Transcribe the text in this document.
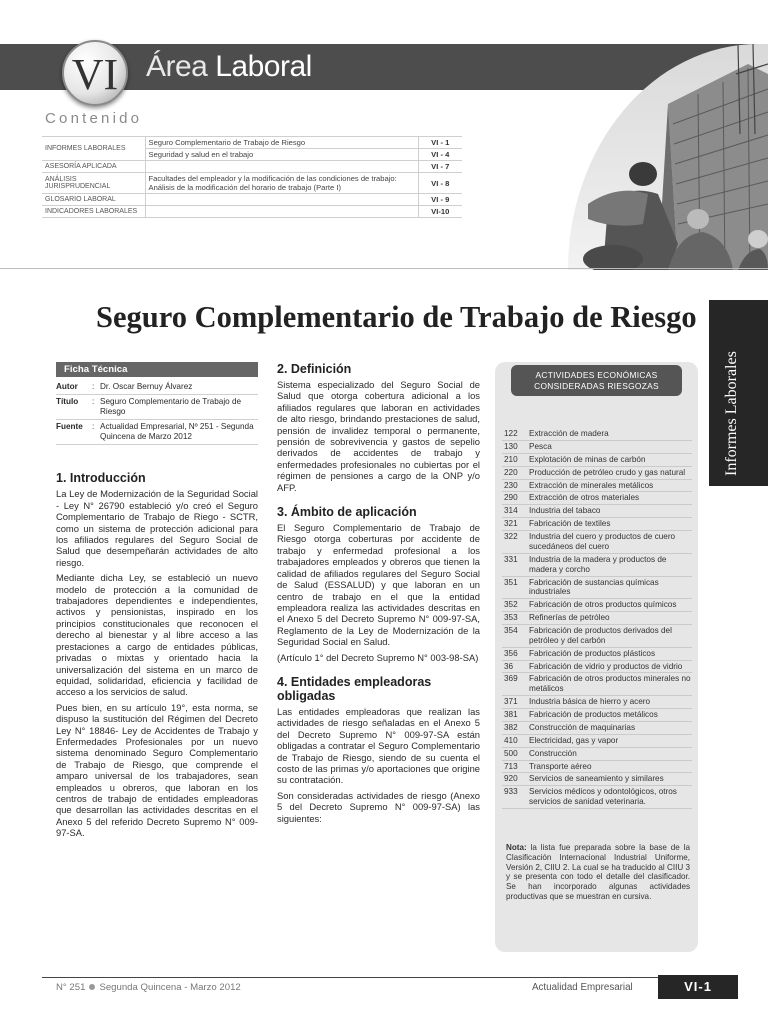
VI Área Laboral
Contenido
INFORMES LABORALES	Seguro Complementario de Trabajo de Riesgo	VI - 1
	Seguridad y salud en el trabajo	VI - 4
ASESORÍA APLICADA		VI - 7
ANÁLISIS JURISPRUDENCIAL	Facultades del empleador y la modificación de las condiciones de trabajo: Análisis de la modificación del horario de trabajo (Parte I)	VI - 8
GLOSARIO LABORAL		VI - 9
INDICADORES LABORALES		VI-10
Seguro Complementario de Trabajo de Riesgo
Informes Laborales
Ficha Técnica
Autor	: Dr. Oscar Bernuy Álvarez
Título	: Seguro Complementario de Trabajo de Riesgo
Fuente	: Actualidad Empresarial, Nº 251 - Segunda Quincena de Marzo 2012
1. Introducción

La Ley de Modernización de la Seguridad Social - Ley N° 26790 estableció y/o creó el Seguro Complementario de Trabajo de Riego - SCTR, como un sistema de protección adicional para los afiliados regulares del Seguro Social de Salud que desempeñarán actividades de alto riesgo.

Mediante dicha Ley, se estableció un nuevo modelo de protección a la comunidad de trabajadores dependientes e independientes, activos y pensionistas, inspirado en los principios constitucionales que reconocen el derecho al bienestar y al libre acceso a las prestaciones a cargo de entidades públicas, privadas o mixtas y orientado hacia la universalización del sistema en un marco de equidad, solidaridad, eficiencia y facilidad de acceso a los servicios de salud.

Pues bien, en su artículo 19°, esta norma, se dispuso la sustitución del Régimen del Decreto Ley N° 18846- Ley de Accidentes de Trabajo y Enfermedades Profesionales por un nuevo sistema denominado Seguro Complementario de Trabajo de Riesgo, que comprende el amparo universal de los trabajadores, sean empleados u obreros, que laboran en los centros de trabajo de entidades empleadoras que desarrollan las actividades descritas en el Anexo 5 del referido Decreto Supremo N° 009-97-SA.

2. Definición

Sistema especializado del Seguro Social de Salud que otorga cobertura adicional a los afiliados regulares que laboran en actividades de alto riesgo, brindando prestaciones de salud, pensión de invalidez temporal o permanente, pensión de sobrevivencia y gastos de sepelio derivados de accidentes de trabajo y enfermedades profesionales no cubiertas por el régimen de pensiones a cargo de la ONP y/o AFP.

3. Ámbito de aplicación

El Seguro Complementario de Trabajo de Riesgo otorga coberturas por accidente de trabajo y enfermedad profesional a los trabajadores empleados y obreros que tienen la calidad de afiliados regulares del Seguro Social de Salud (ESSALUD) y que laboran en un centro de trabajo en el que la entidad empleadora realiza las actividades descritas en el Anexo 5 del Decreto Supremo N° 009-97-SA, Reglamento de la Ley de Modernización de la Seguridad Social en Salud.

(Artículo 1° del Decreto Supremo N° 003-98-SA)

4. Entidades empleadoras obligadas

Las entidades empleadoras que realizan las actividades de riesgo señaladas en el Anexo 5 del Decreto Supremo N° 009-97-SA están obligadas a contratar el Seguro Complementario de Trabajo de Riesgo, siendo de su cuenta el costo de las primas y/o aportaciones que origine su contratación.

Son consideradas actividades de riesgo (Anexo 5 del Decreto Supremo N° 009-97-SA) las siguientes:

ACTIVIDADES ECONÓMICAS
CONSIDERADAS RIESGOZAS
122	Extracción de madera
130	Pesca
210	Explotación de minas de carbón
220	Producción de petróleo crudo y gas natural
230	Extracción de minerales metálicos
290	Extracción de otros materiales
314	Industria del tabaco
321	Fabricación de textiles
322	Industria del cuero y productos de cuero sucedáneos del cuero
331	Industria de la madera y productos de madera y corcho
351	Fabricación de sustancias químicas industriales
352	Fabricación de otros productos químicos
353	Refinerías de petróleo
354	Fabricación de productos derivados del petróleo y del carbón
356	Fabricación de productos plásticos
36	Fabricación de vidrio y productos de vidrio
369	Fabricación de otros productos minerales no metálicos
371	Industria básica de hierro y acero
381	Fabricación de productos metálicos
382	Construcción de maquinarias
410	Electricidad, gas y vapor
500	Construcción
713	Transporte aéreo
920	Servicios de saneamiento y similares
933	Servicios médicos y odontológicos, otros servicios de sanidad veterinaria.
Nota: la lista fue preparada sobre la base de la Clasificación Internacional Industrial Uniforme, Versión 2, CIIU 2. La cual se ha traducido al CIIU 3 y se presenta con todo el detalle del clasificador. Se han incorporado algunas actividades productivas que se muestran en cursiva.
N° 251 Segunda Quincena - Marzo 2012	Actualidad Empresarial	VI-1
